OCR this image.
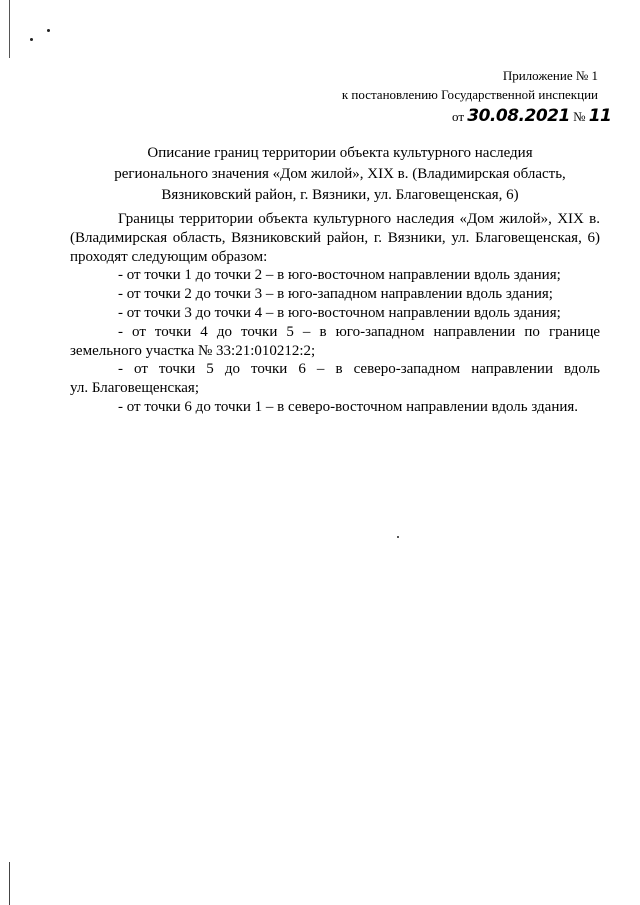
Приложение № 1
к постановлению Государственной инспекции
от 30.08.2021 № 11
Описание границ территории объекта культурного наследия
регионального значения «Дом жилой», XIX в. (Владимирская область,
Вязниковский район, г. Вязники, ул. Благовещенская, 6)

Границы территории объекта культурного наследия «Дом жилой», XIX в.

(Владимирская область, Вязниковский район, г. Вязники, ул. Благовещенская, 6)

проходят следующим образом:

- от точки 1 до точки 2 – в юго-восточном направлении вдоль здания;

- от точки 2 до точки 3 – в юго-западном направлении вдоль здания;

- от точки 3 до точки 4 – в юго-восточном направлении вдоль здания;

- от точки 4 до точки 5 – в юго-западном направлении по границе

земельного участка № 33:21:010212:2;

- от точки 5 до точки 6 – в северо-западном направлении вдоль

ул. Благовещенская;

- от точки 6 до точки 1 – в северо-восточном направлении вдоль здания.
